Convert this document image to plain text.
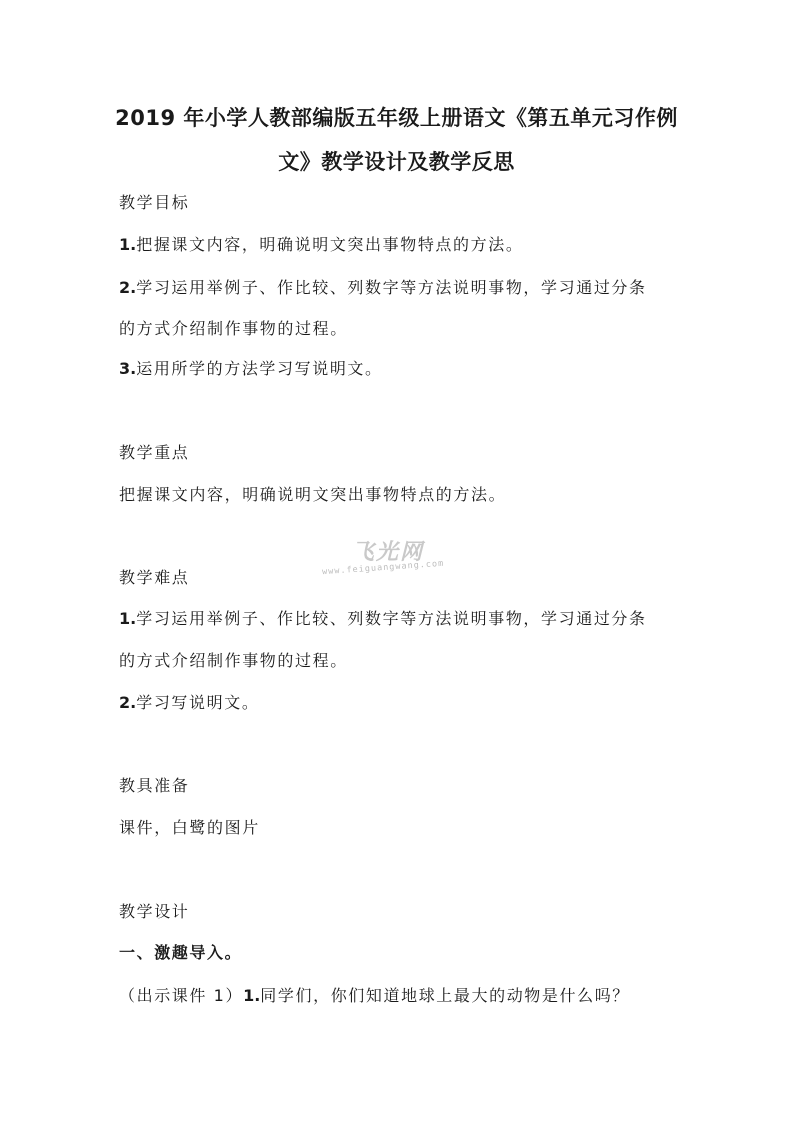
2019 年小学人教部编版五年级上册语文《第五单元习作例
文》教学设计及教学反思
教学目标
1.把握课文内容，明确说明文突出事物特点的方法。
2.学习运用举例子、作比较、列数字等方法说明事物，学习通过分条
的方式介绍制作事物的过程。
3.运用所学的方法学习写说明文。
教学重点
把握课文内容，明确说明文突出事物特点的方法。
飞光网
www.feiguangwang.com
教学难点
1.学习运用举例子、作比较、列数字等方法说明事物，学习通过分条
的方式介绍制作事物的过程。
2.学习写说明文。
教具准备
课件，白鹭的图片
教学设计
一、激趣导入。
（出示课件 1）1.同学们，你们知道地球上最大的动物是什么吗？
